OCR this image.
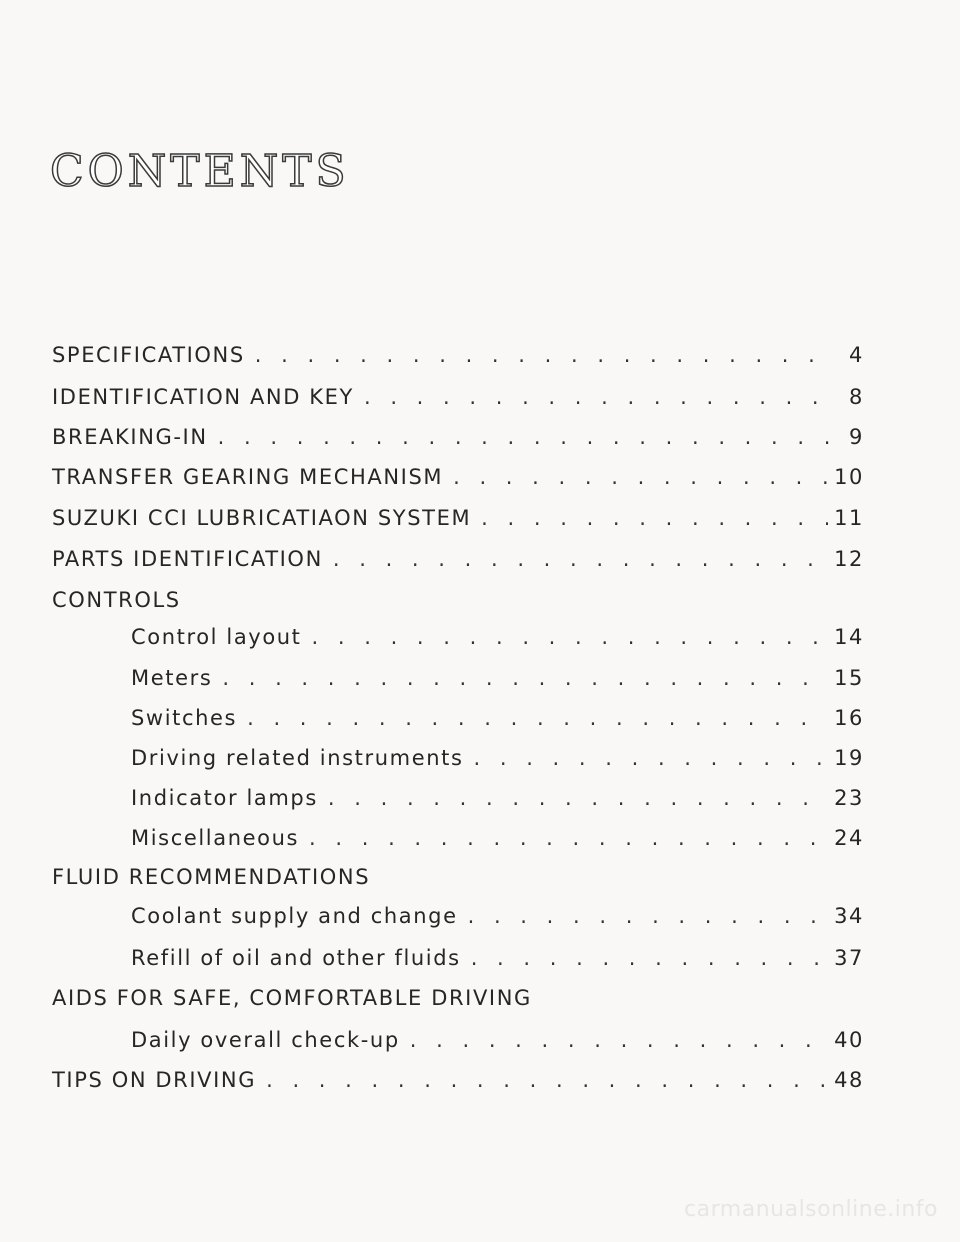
CONTENTS
SPECIFICATIONS . . .	4
IDENTIFICATION AND KEY . . .	8
BREAKING-IN . . .	9
TRANSFER GEARING MECHANISM . . .	10
SUZUKI CCI LUBRICATIAON SYSTEM . . .	11
PARTS IDENTIFICATION . . .	12
CONTROLS
Control layout . . .	14
Meters . . .	15
Switches . . .	16
Driving related instruments . . .	19
Indicator lamps . . .	23
Miscellaneous . . .	24
FLUID RECOMMENDATIONS
Coolant supply and change . . .	34
Refill of oil and other fluids . . .	37
AIDS FOR SAFE, COMFORTABLE DRIVING
Daily overall check-up . . .	40
TIPS ON DRIVING . . .	48
carmanualsonline.info
